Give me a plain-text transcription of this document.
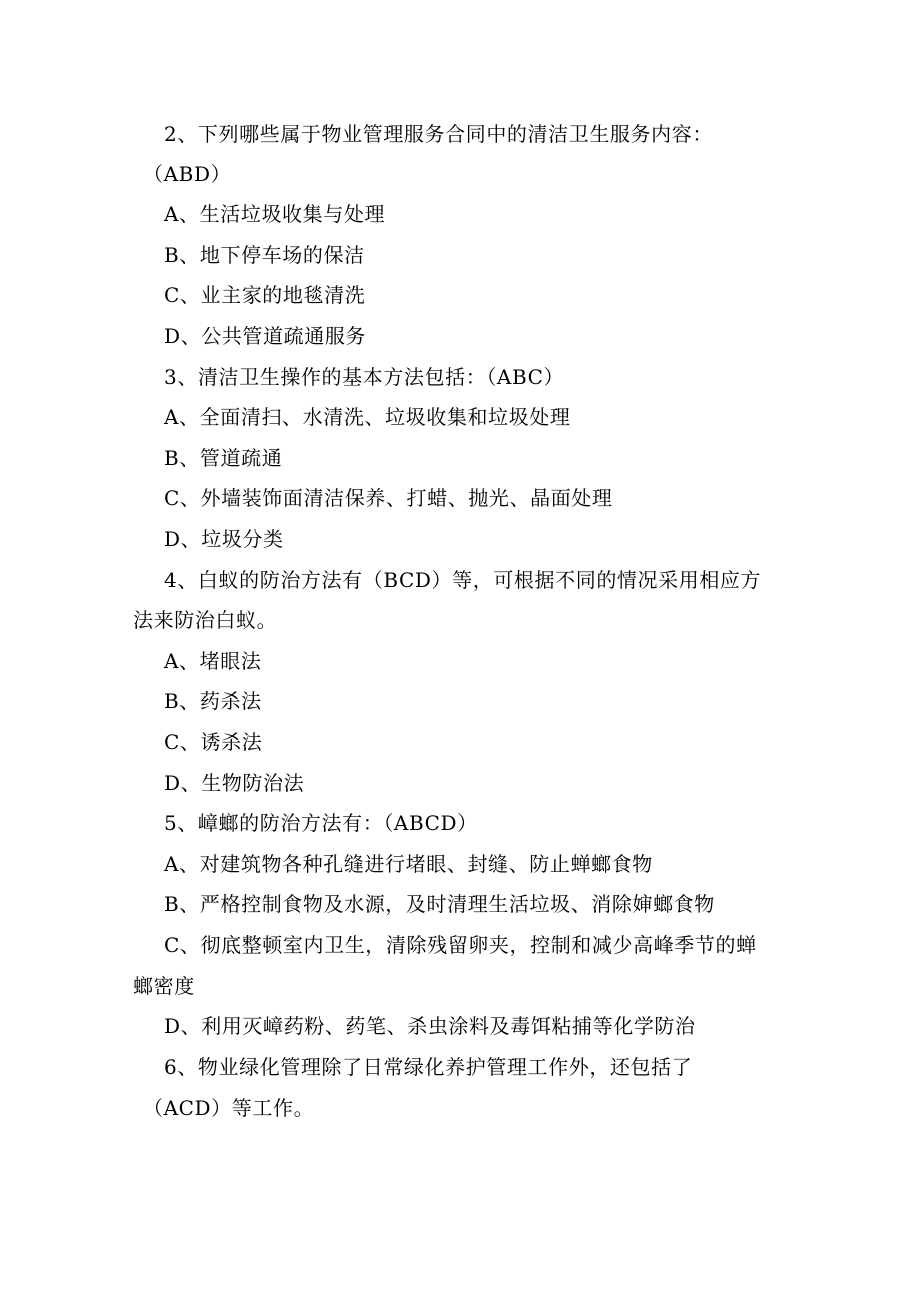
2、下列哪些属于物业管理服务合同中的清洁卫生服务内容：
（ABD）
A、生活垃圾收集与处理
B、地下停车场的保洁
C、业主家的地毯清洗
D、公共管道疏通服务
3、清洁卫生操作的基本方法包括：（ABC）
A、全面清扫、水清洗、垃圾收集和垃圾处理
B、管道疏通
C、外墙装饰面清洁保养、打蜡、抛光、晶面处理
D、垃圾分类
4、白蚁的防治方法有（BCD）等，可根据不同的情况采用相应方
法来防治白蚁。
A、堵眼法
B、药杀法
C、诱杀法
D、生物防治法
5、嶂螂的防治方法有：（ABCD）
A、对建筑物各种孔缝进行堵眼、封缝、防止蝉螂食物
B、严格控制食物及水源，及时清理生活垃圾、消除婶螂食物
C、彻底整顿室内卫生，清除残留卵夹，控制和减少高峰季节的蝉
螂密度
D、利用灭嶂药粉、药笔、杀虫涂料及毒饵粘捕等化学防治
6、物业绿化管理除了日常绿化养护管理工作外，还包括了
（ACD）等工作。
